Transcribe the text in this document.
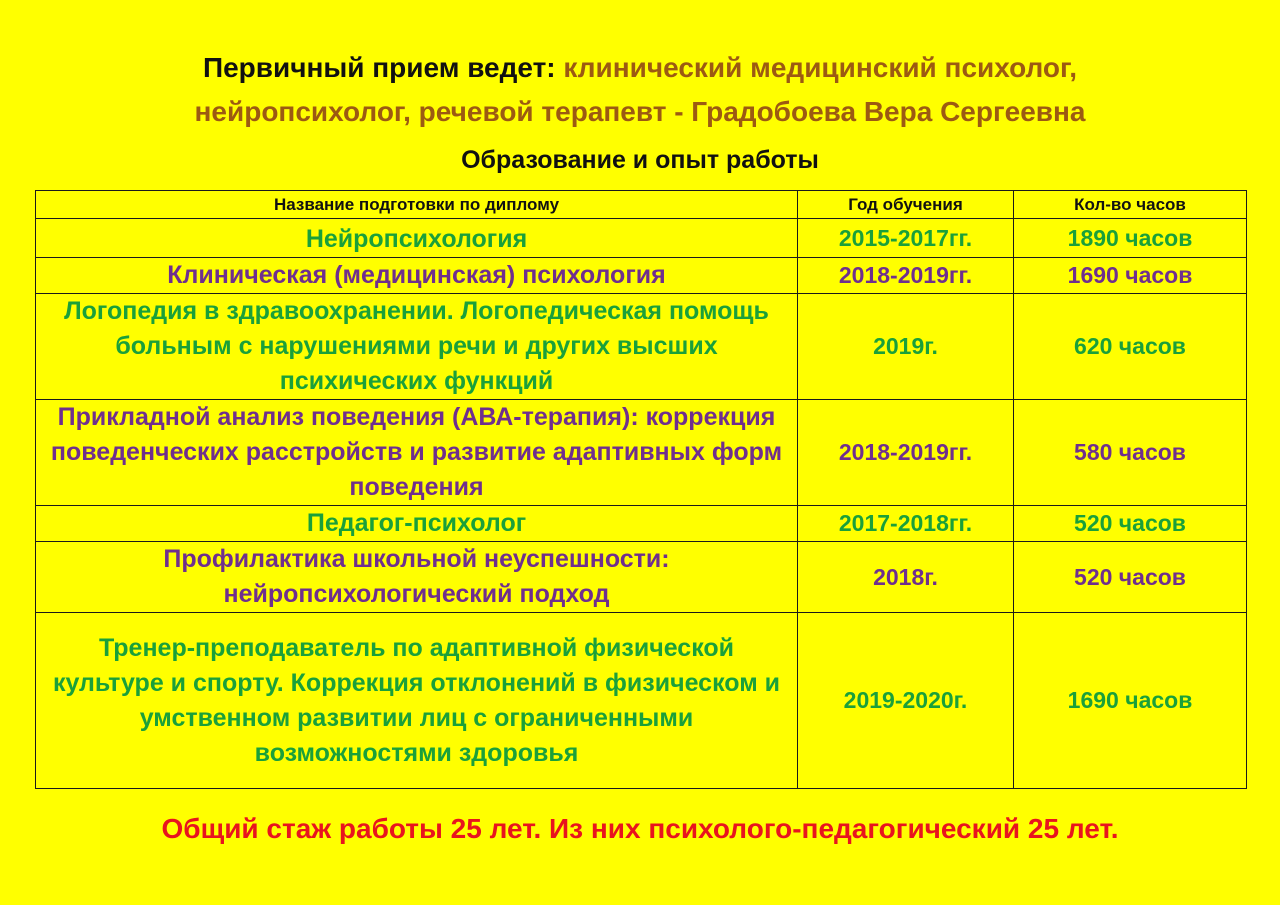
Первичный прием ведет: клинический медицинский психолог,
нейропсихолог, речевой терапевт - Градобоева Вера Сергеевна
Образование и опыт работы
Название подготовки по диплому	Год обучения	Кол-во часов
Нейропсихология	2015-2017гг.	1890 часов
Клиническая (медицинская) психология	2018-2019гг.	1690 часов
Логопедия в здравоохранении. Логопедическая помощь больным с нарушениями речи и других высших психических функций	2019г.	620 часов
Прикладной анализ поведения (АВА-терапия): коррекция поведенческих расстройств и развитие адаптивных форм поведения	2018-2019гг.	580 часов
Педагог-психолог	2017-2018гг.	520 часов
Профилактика школьной неуспешности: нейропсихологический подход	2018г.	520 часов
Тренер-преподаватель по адаптивной физической культуре и спорту. Коррекция отклонений в физическом и умственном развитии лиц с ограниченными возможностями здоровья	2019-2020г.	1690 часов
Общий стаж работы 25 лет. Из них психолого-педагогический 25 лет.
